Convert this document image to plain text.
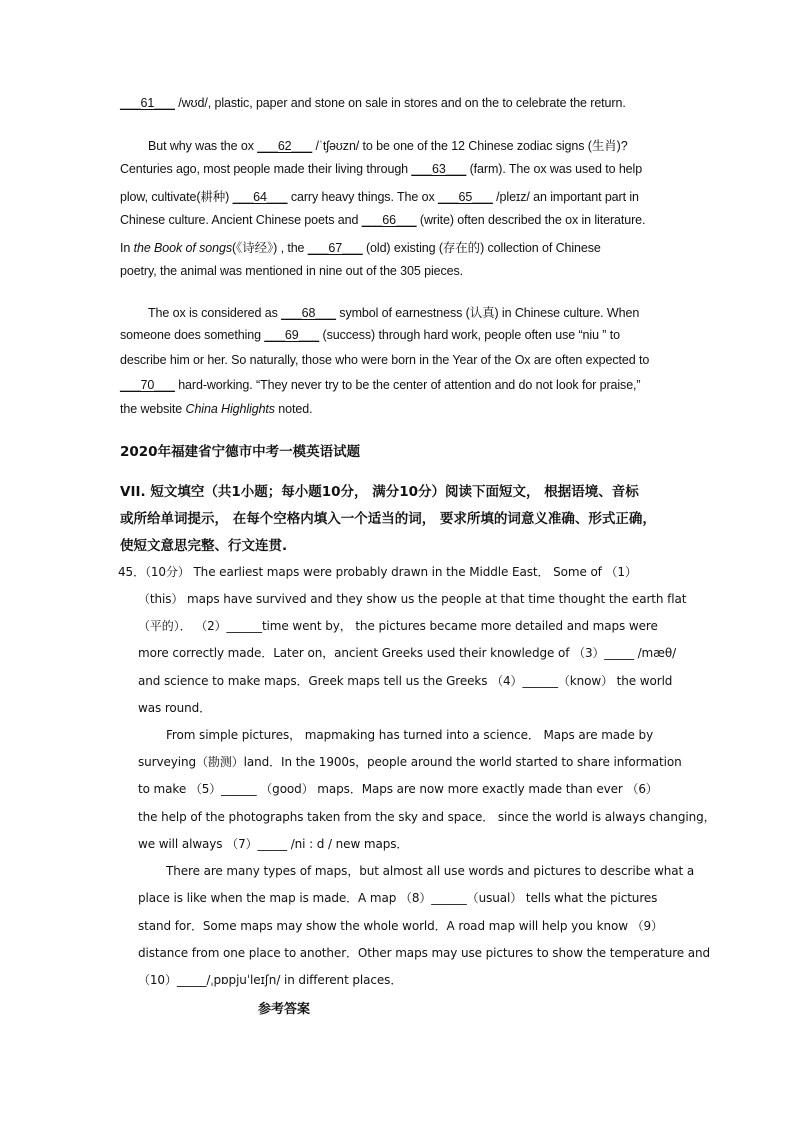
___61___ /wʊd/, plastic, paper and stone on sale in stores and on the to celebrate the return.
But why was the ox ___62___ /ˈtʃəʊzn/ to be one of the 12 Chinese zodiac signs (生肖)?
Centuries ago, most people made their living through ___63___ (farm). The ox was used to help
plow, cultivate(耕种) ___64___ carry heavy things. The ox ___65___ /pleɪz/ an important part in
Chinese culture. Ancient Chinese poets and ___66___ (write) often described the ox in literature.
In the Book of songs(《诗经》) , the ___67___ (old) existing (存在的) collection of Chinese
poetry, the animal was mentioned in nine out of the 305 pieces.
The ox is considered as ___68___ symbol of earnestness (认真) in Chinese culture. When
someone does something ___69___ (success) through hard work, people often use “niu ” to
describe him or her. So naturally, those who were born in the Year of the Ox are often expected to
___70___ hard-working. “They never try to be the center of attention and do not look for praise,”
the website China Highlights noted.
2020年福建省宁德市中考一模英语试题
VII. 短文填空（共1小题；每小题10分， 满分10分）阅读下面短文， 根据语境、音标
或所给单词提示， 在每个空格内填入一个适当的词， 要求所填的词意义准确、形式正确，
使短文意思完整、行文连贯.
45．（10分） The earliest maps were probably drawn in the Middle East． Some of （1）
（this） maps have survived and they show us the people at that time thought the earth flat
（平的）． （2）______time went by， the pictures became more detailed and maps were
more correctly made．Later on，ancient Greeks used their knowledge of （3）_____ /mæθ/
and science to make maps．Greek maps tell us the Greeks （4）______（know） the world
was round．
From simple pictures， mapmaking has turned into a science． Maps are made by
surveying（勘测）land．In the 1900s，people around the world started to share information
to make （5）______ （good） maps．Maps are now more exactly made than ever （6）
the help of the photographs taken from the sky and space． since the world is always changing，
we will always （7）_____ /ni : d / new maps．
There are many types of maps，but almost all use words and pictures to describe what a
place is like when the map is made．A map （8）______（usual） tells what the pictures
stand for．Some maps may show the whole world．A road map will help you know （9）
distance from one place to another．Other maps may use pictures to show the temperature and
（10）_____/ˌpɒpjuˈleɪʃn/ in different places．
参考答案
